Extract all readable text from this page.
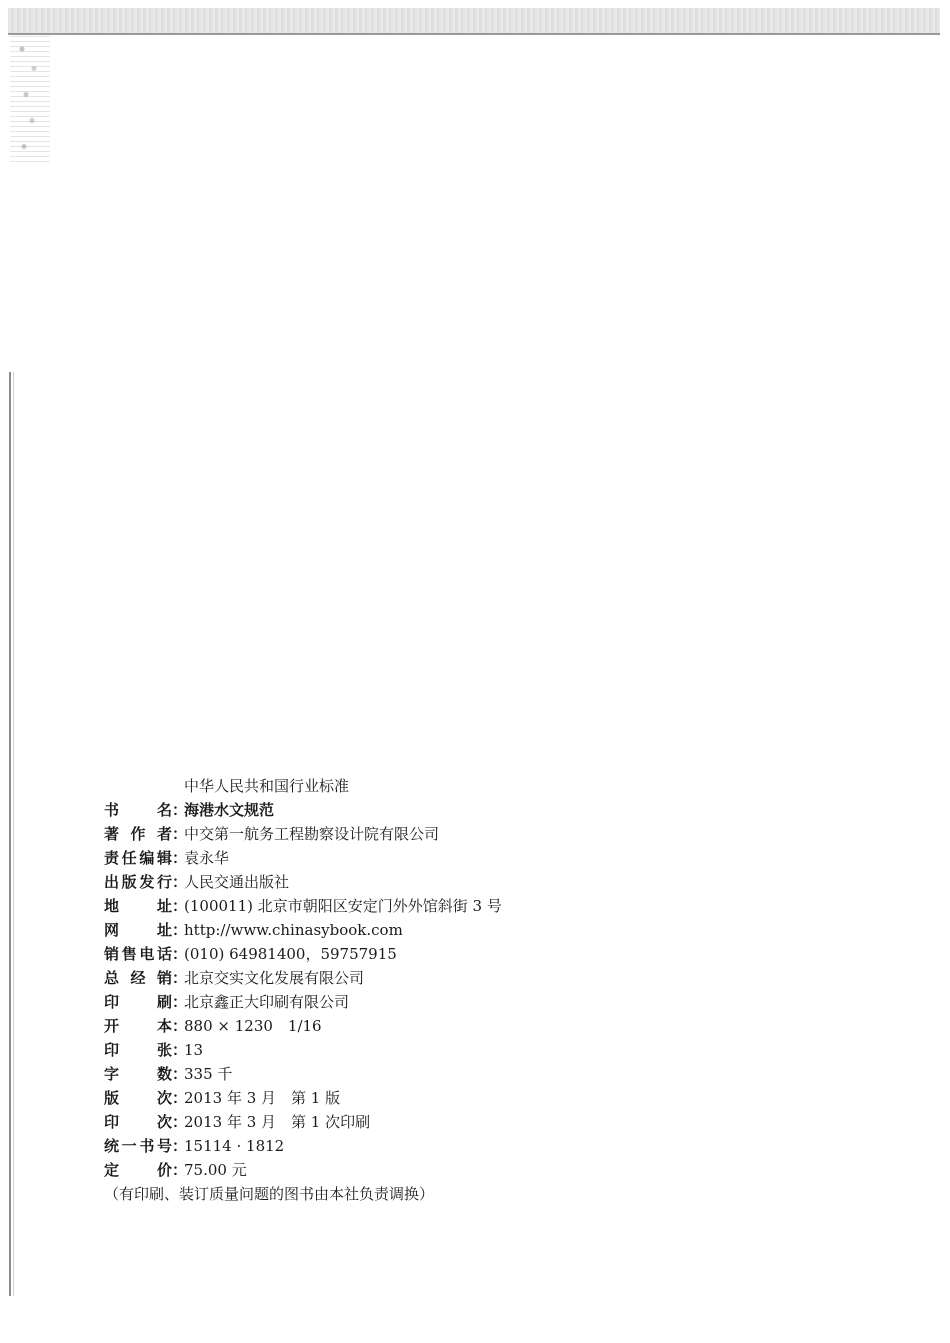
中华人民共和国行业标准
书	名 ：
海港水文规范
著 作 者 ：
中交第一航务工程勘察设计院有限公司
责 任 编 辑 ：
袁永华
出 版 发 行 ：
人民交通出版社
地	址 ：
(100011) 北京市朝阳区安定门外外馆斜街 3 号
网	址 ：
http://www.chinasybook.com
销 售 电 话 ：
(010) 64981400，59757915
总 经 销 ：
北京交实文化发展有限公司
印	刷 ：
北京鑫正大印刷有限公司
开	本 ：
880 × 1230　1/16
印	张 ：
13
字	数 ：
335 千
版	次 ：
2013 年 3 月　第 1 版
印	次 ：
2013 年 3 月　第 1 次印刷
统 一 书 号 ：
15114 · 1812
定	价 ：
75.00 元
（有印刷、装订质量问题的图书由本社负责调换）
